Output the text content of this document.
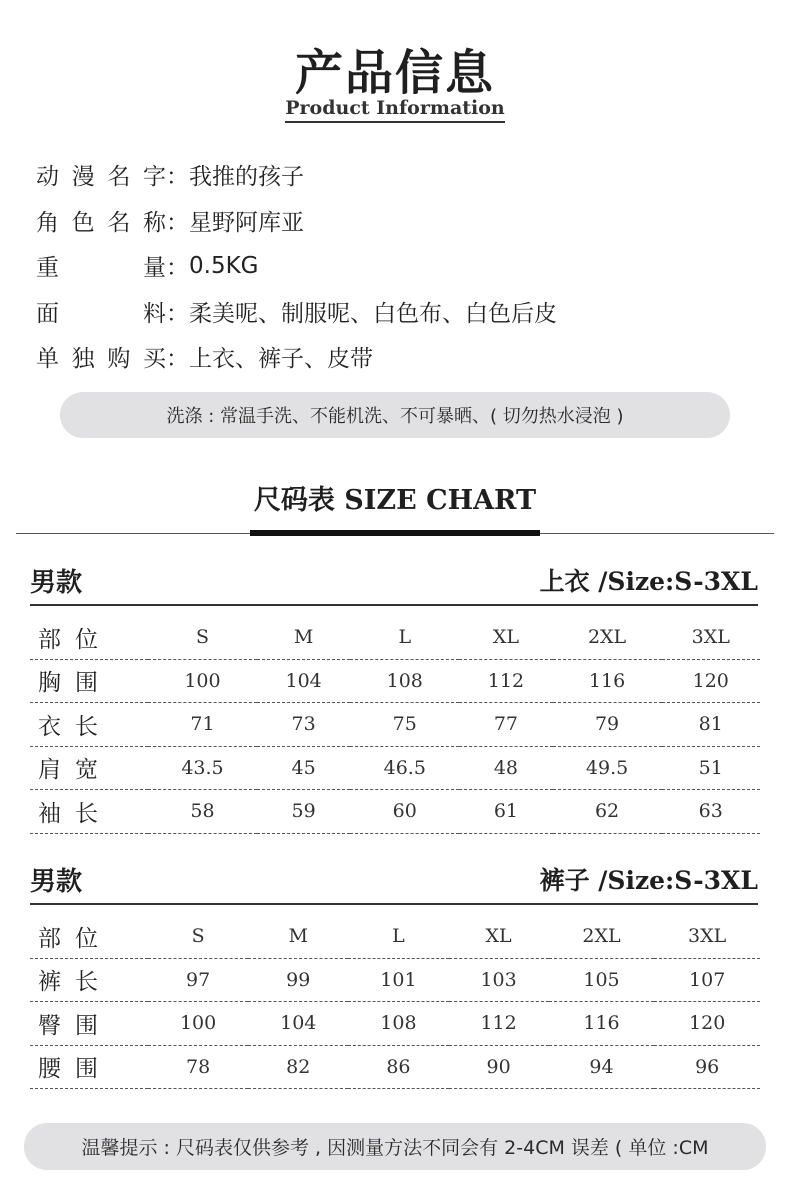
产品信息
Product Information
动 漫 名 字 ： 我推的孩子
角 色 名 称 ： 星野阿库亚
重	量 ： 0.5KG
面	料 ： 柔美呢、制服呢、白色布、白色后皮
单 独 购 买 ： 上衣、裤子、皮带
洗涤 : 常温手洗、不能机洗、不可暴晒、( 切勿热水浸泡 )
尺码表 SIZE CHART
男款	上衣 /Size:S-3XL
部位	S	M	L	XL	2XL	3XL
胸围	100	104	108	112	116	120
衣长	71	73	75	77	79	81
肩宽	43.5	45	46.5	48	49.5	51
袖长	58	59	60	61	62	63
男款	裤子 /Size:S-3XL
部位	S	M	L	XL	2XL	3XL
裤长	97	99	101	103	105	107
臀围	100	104	108	112	116	120
腰围	78	82	86	90	94	96
温馨提示 : 尺码表仅供参考 , 因测量方法不同会有 2-4CM 误差 ( 单位 :CM
